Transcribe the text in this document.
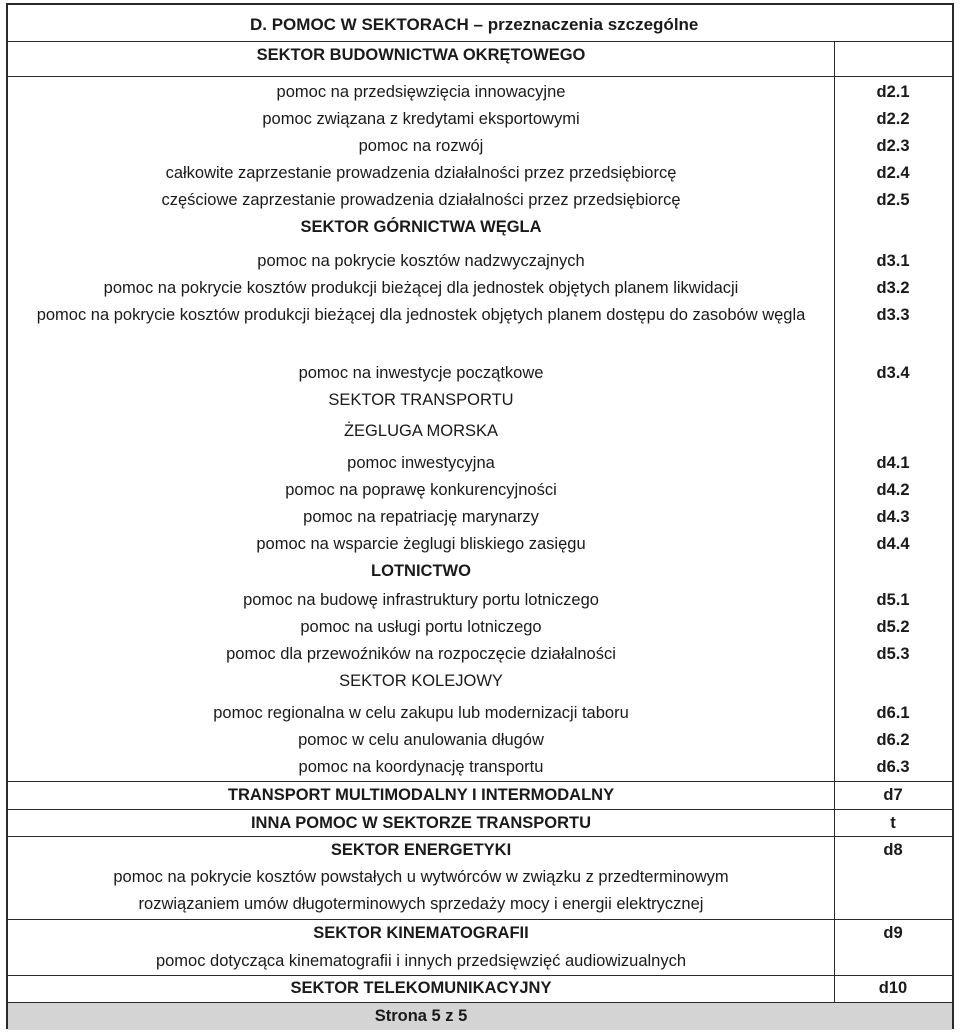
D. POMOC W SEKTORACH – przeznaczenia szczególne
SEKTOR BUDOWNICTWA OKRĘTOWEGO
pomoc na przedsięwzięcia innowacyjne	d2.1
pomoc związana z kredytami eksportowymi	d2.2
pomoc na rozwój	d2.3
całkowite zaprzestanie prowadzenia działalności przez przedsiębiorcę	d2.4
częściowe zaprzestanie prowadzenia działalności przez przedsiębiorcę	d2.5
SEKTOR GÓRNICTWA WĘGLA
pomoc na pokrycie kosztów nadzwyczajnych	d3.1
pomoc na pokrycie kosztów produkcji bieżącej dla jednostek objętych planem likwidacji	d3.2
pomoc na pokrycie kosztów produkcji bieżącej dla jednostek objętych planem dostępu do zasobów węgla	d3.3
pomoc na inwestycje początkowe	d3.4
SEKTOR TRANSPORTU
ŻEGLUGA MORSKA
pomoc inwestycyjna	d4.1
pomoc na poprawę konkurencyjności	d4.2
pomoc na repatriację marynarzy	d4.3
pomoc na wsparcie żeglugi bliskiego zasięgu	d4.4
LOTNICTWO
pomoc na budowę infrastruktury portu lotniczego	d5.1
pomoc na usługi portu lotniczego	d5.2
pomoc dla przewoźników na rozpoczęcie działalności	d5.3
SEKTOR KOLEJOWY
pomoc regionalna w celu zakupu lub modernizacji taboru	d6.1
pomoc w celu anulowania długów	d6.2
pomoc na koordynację transportu	d6.3
TRANSPORT MULTIMODALNY I INTERMODALNY	d7
INNA POMOC W SEKTORZE TRANSPORTU	t
SEKTOR ENERGETYKI	d8
pomoc na pokrycie kosztów powstałych u wytwórców w związku z przedterminowym rozwiązaniem umów długoterminowych sprzedaży mocy i energii elektrycznej
SEKTOR KINEMATOGRAFII	d9
pomoc dotycząca kinematografii i innych przedsięwzięć audiowizualnych
SEKTOR TELEKOMUNIKACYJNY	d10
Strona 5 z 5
